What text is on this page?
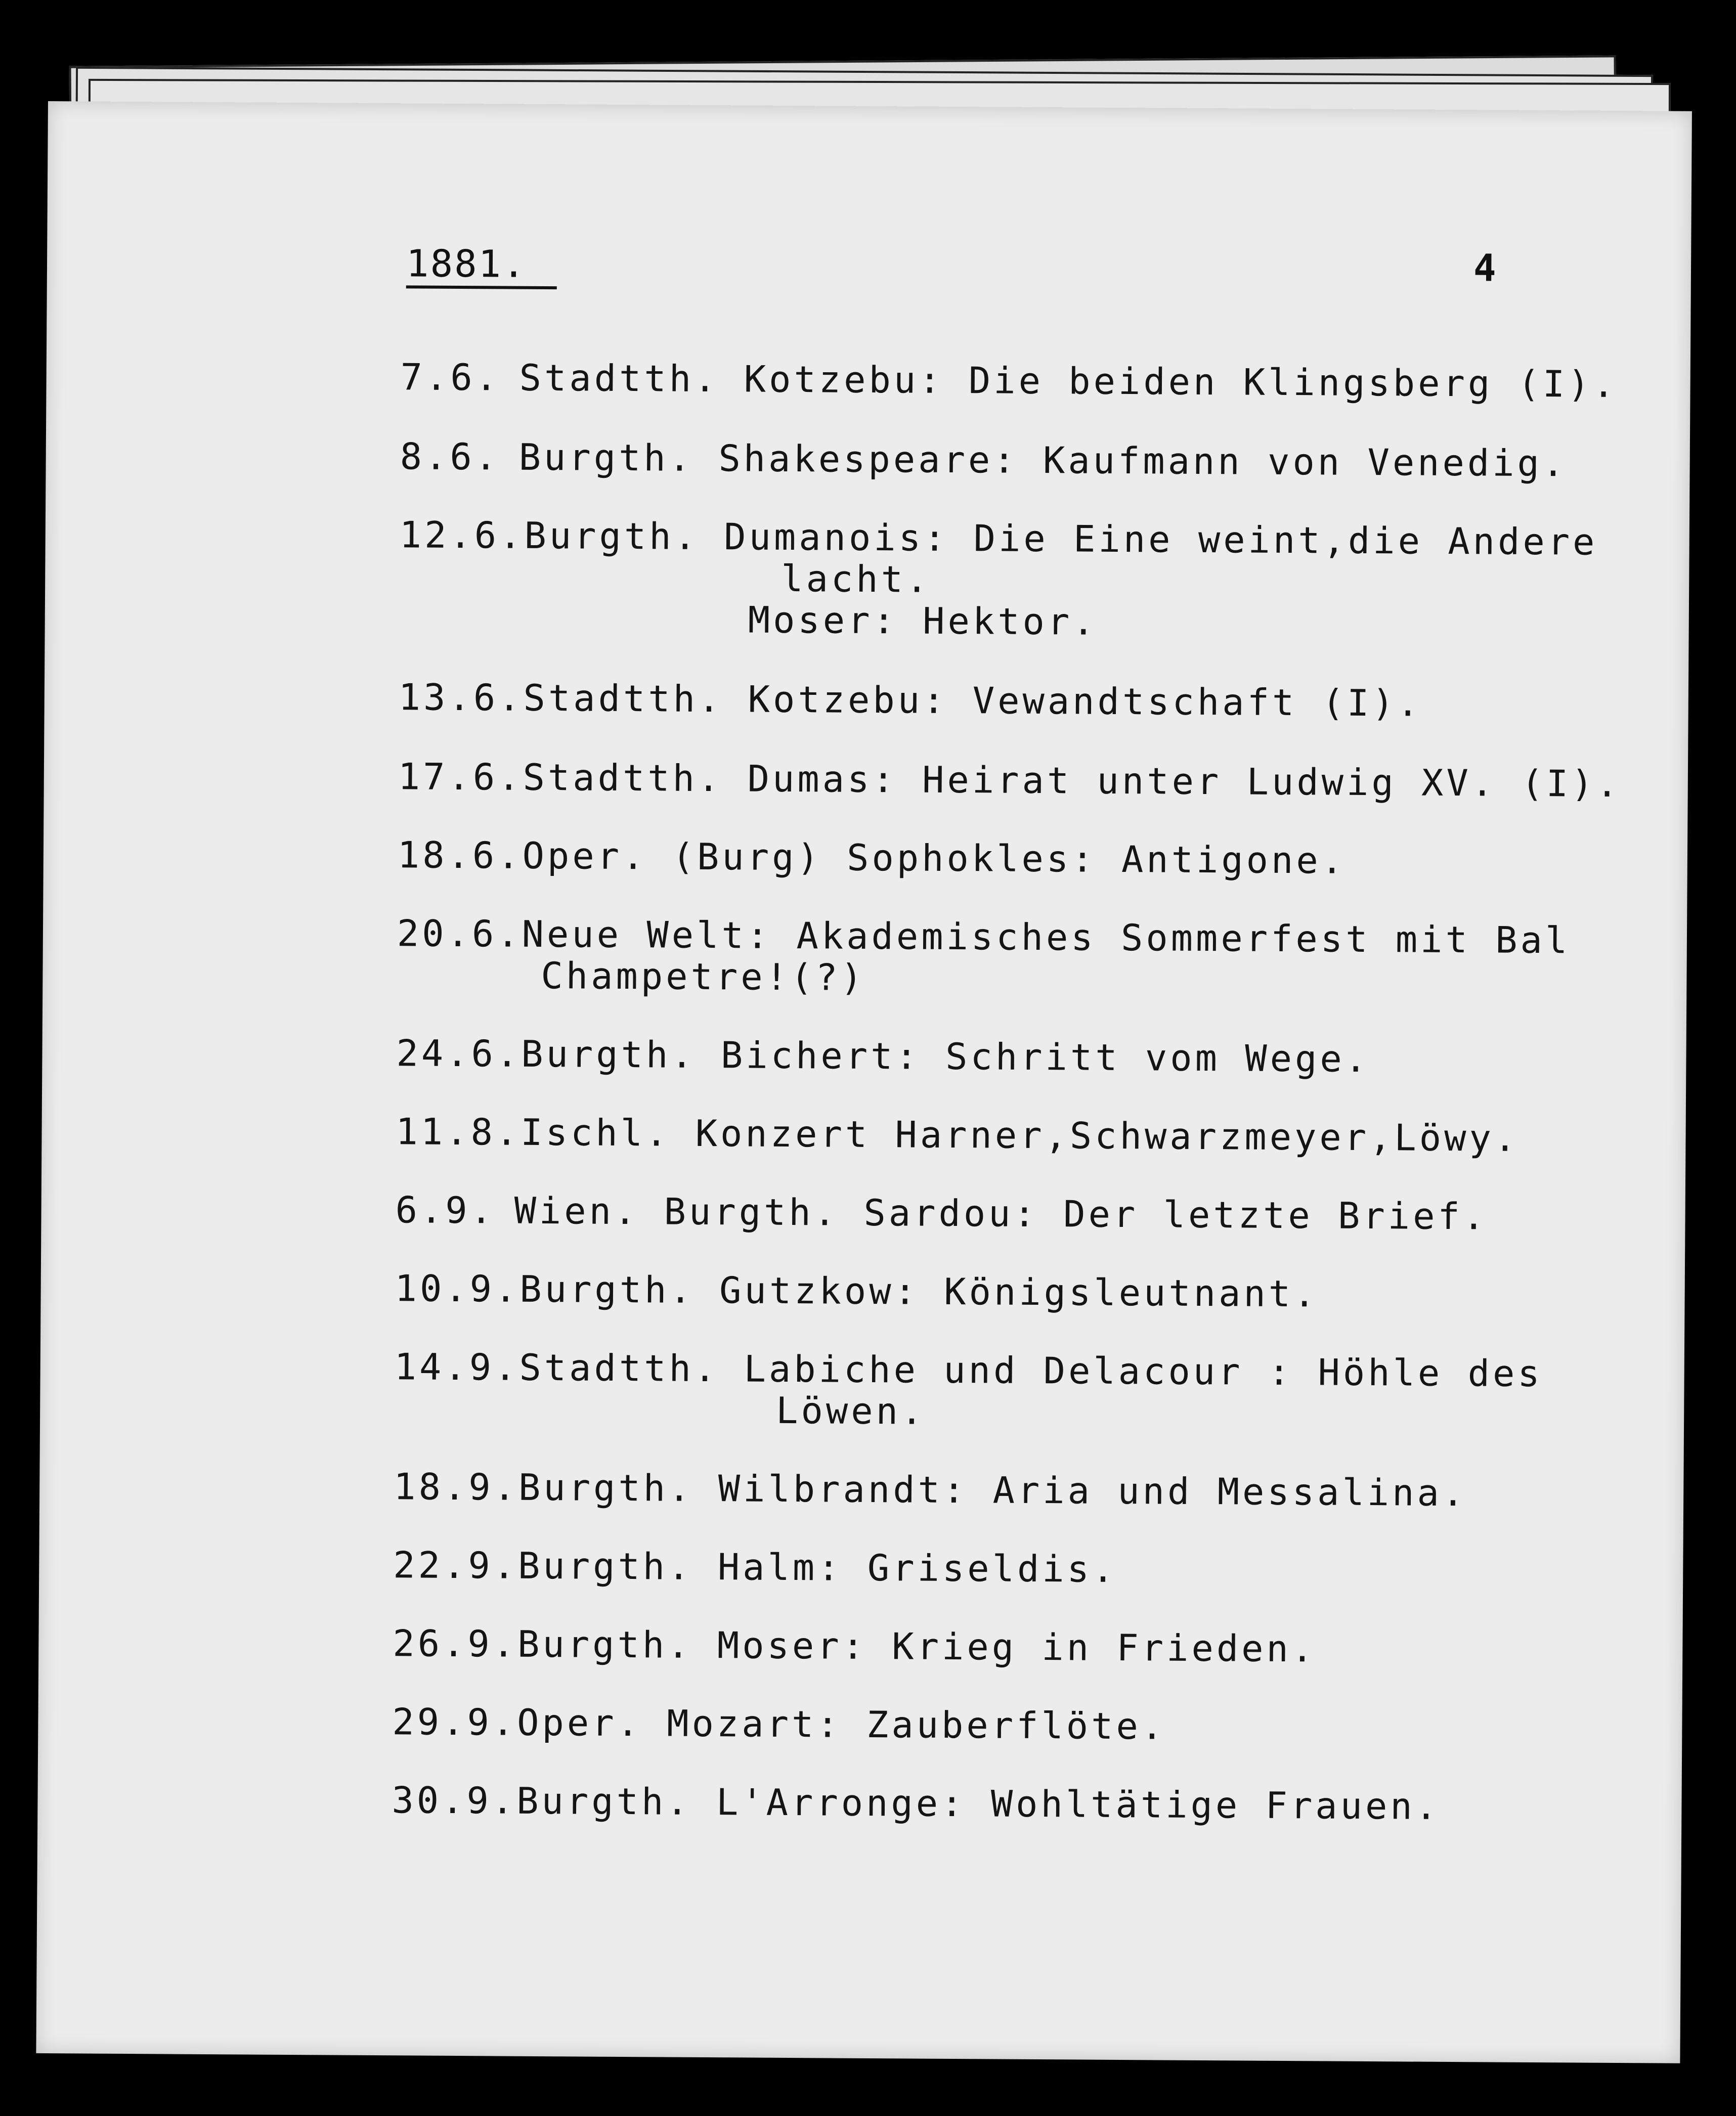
1881.	4
7.6. Stadtth. Kotzebu: Die beiden Klingsberg (I).
8.6. Burgth. Shakespeare: Kaufmann von Venedig.
12.6.Burgth. Dumanois: Die Eine weint,die Andere
lacht.
Moser: Hektor.
13.6.Stadtth. Kotzebu: Vewandtschaft (I).
17.6.Stadtth. Dumas: Heirat unter Ludwig XV. (I).
18.6.Oper. (Burg) Sophokles: Antigone.
20.6.Neue Welt: Akademisches Sommerfest mit Bal
Champetre!(?)
24.6.Burgth. Bichert: Schritt vom Wege.
11.8.Ischl. Konzert Harner,Schwarzmeyer,Löwy.
6.9. Wien. Burgth. Sardou: Der letzte Brief.
10.9.Burgth. Gutzkow: Königsleutnant.
14.9.Stadtth. Labiche und Delacour : Höhle des
Löwen.
18.9.Burgth. Wilbrandt: Aria und Messalina.
22.9.Burgth. Halm: Griseldis.
26.9.Burgth. Moser: Krieg in Frieden.
29.9.Oper. Mozart: Zauberflöte.
30.9.Burgth. L'Arronge: Wohltätige Frauen.
